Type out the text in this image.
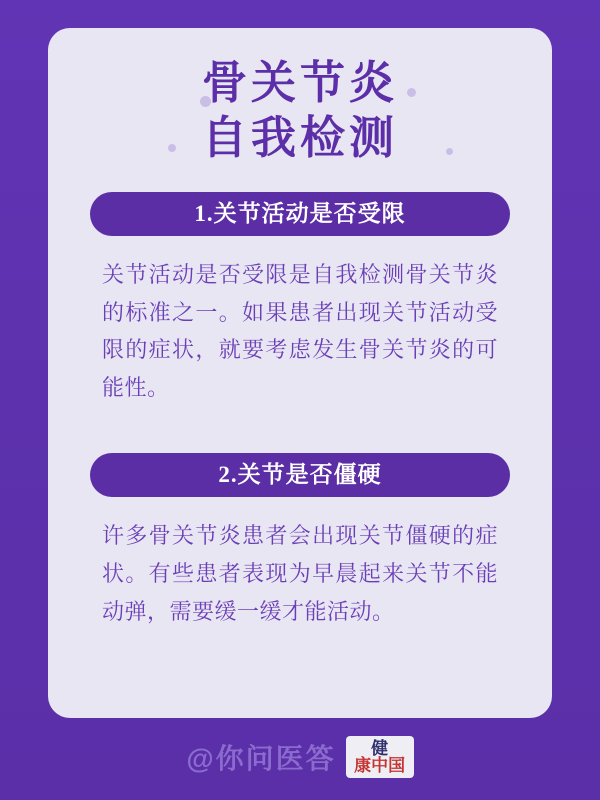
骨关节炎
自我检测
1.关节活动是否受限
关节活动是否受限是自我检测骨关节炎的标准之一。如果患者出现关节活动受限的症状，就要考虑发生骨关节炎的可能性。
2.关节是否僵硬
许多骨关节炎患者会出现关节僵硬的症状。有些患者表现为早晨起来关节不能动弹，需要缓一缓才能活动。
@你问医答 健
康中国
